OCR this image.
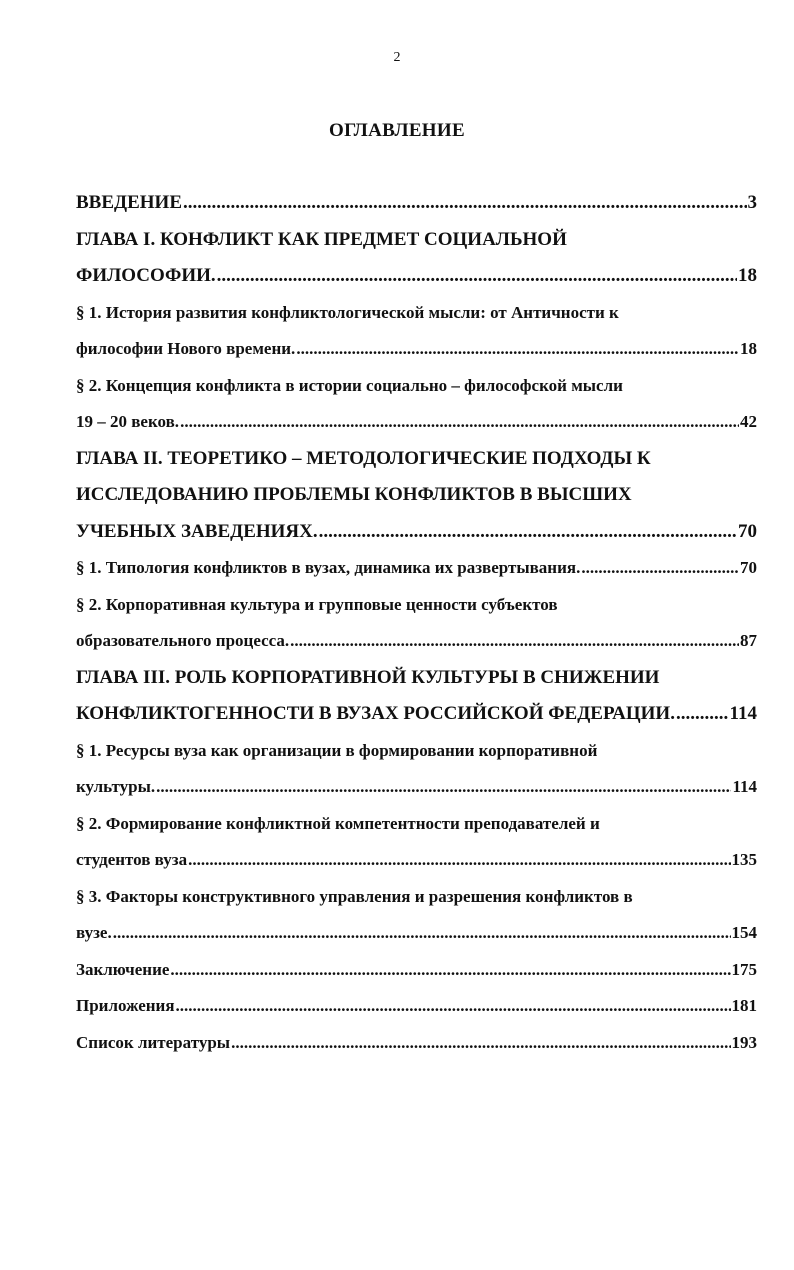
2
ОГЛАВЛЕНИЕ
ВВЕДЕНИЕ .....	3
ГЛАВА I. КОНФЛИКТ КАК ПРЕДМЕТ СОЦИАЛЬНОЙ
ФИЛОСОФИИ. .....	18
§ 1. История развития конфликтологической мысли: от Античности к
философии Нового времени. .....	18
§ 2. Концепция конфликта в истории социально – философской мысли
19 – 20 веков. .....	42
ГЛАВА II. ТЕОРЕТИКО – МЕТОДОЛОГИЧЕСКИЕ ПОДХОДЫ К
ИССЛЕДОВАНИЮ ПРОБЛЕМЫ КОНФЛИКТОВ В ВЫСШИХ
УЧЕБНЫХ ЗАВЕДЕНИЯХ. .....	70
§ 1. Типология конфликтов в вузах, динамика их развертывания. .....	70
§ 2. Корпоративная культура и групповые ценности субъектов
образовательного процесса. .....	87
ГЛАВА III. РОЛЬ КОРПОРАТИВНОЙ КУЛЬТУРЫ В СНИЖЕНИИ
КОНФЛИКТОГЕННОСТИ В ВУЗАХ РОССИЙСКОЙ ФЕДЕРАЦИИ. .....	114
§ 1. Ресурсы вуза как организации в формировании корпоративной
культуры. .....	114
§ 2. Формирование конфликтной компетентности преподавателей и
студентов вуза .....	135
§ 3. Факторы конструктивного управления и разрешения конфликтов в
вузе. .....	154
Заключение .....	175
Приложения .....	181
Список литературы .....	193
